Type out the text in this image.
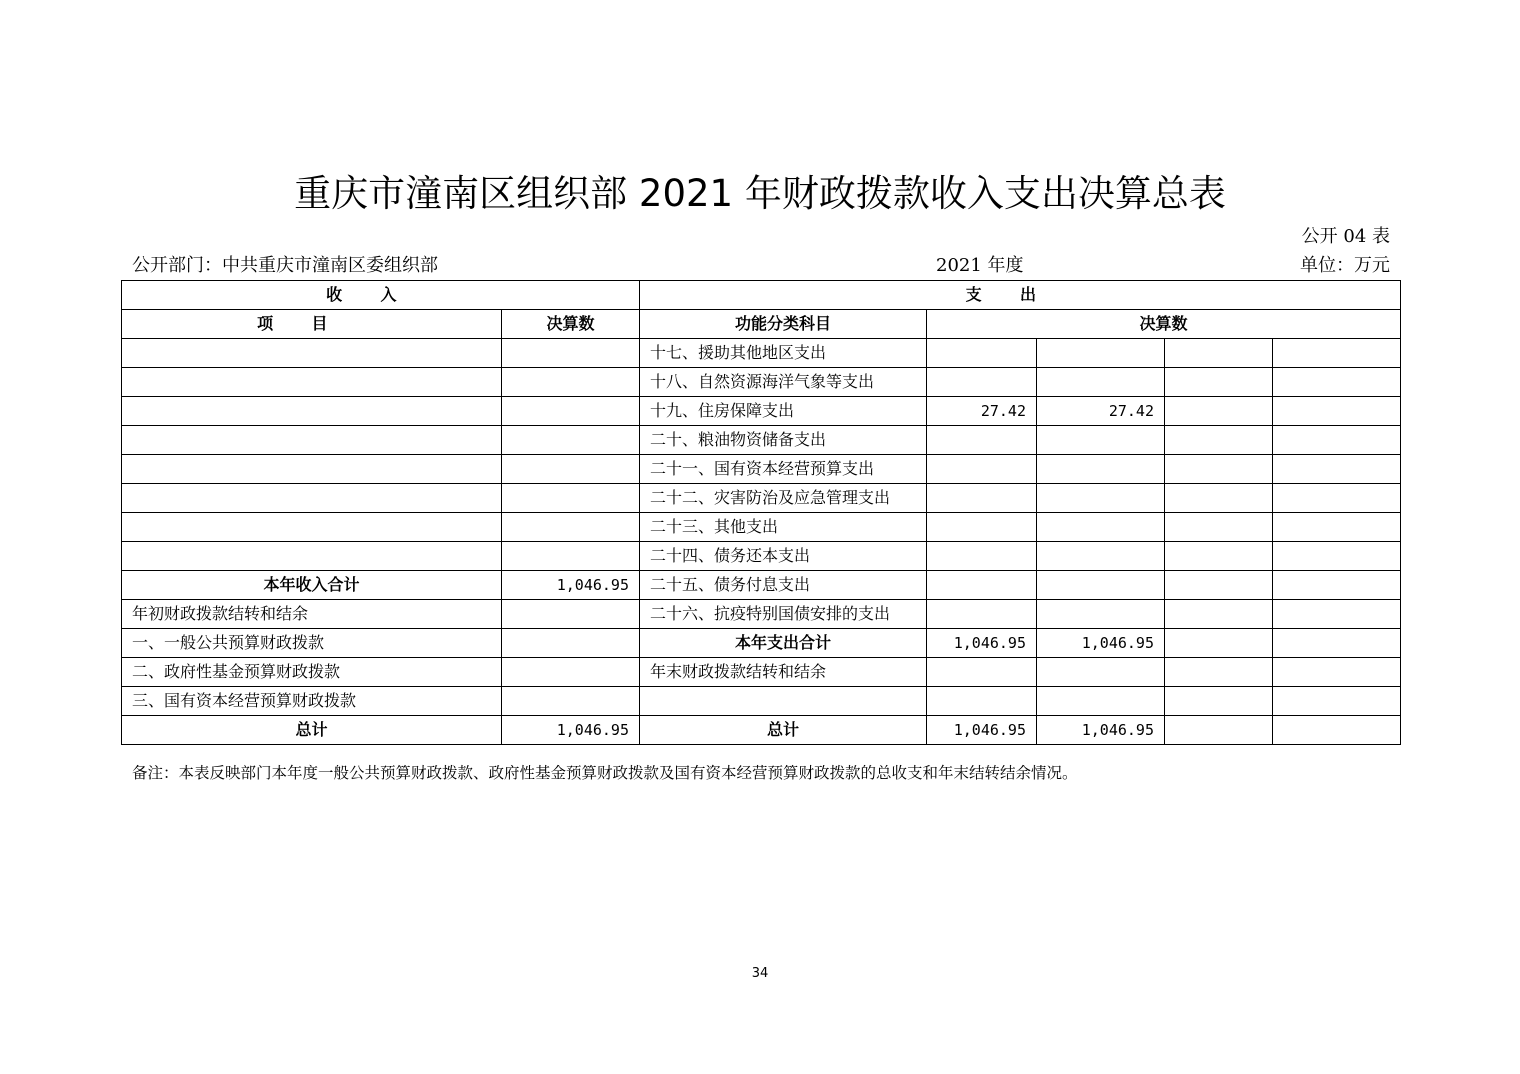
重庆市潼南区组织部 2021 年财政拨款收入支出决算总表
公开 04 表
公开部门：中共重庆市潼南区委组织部	2021 年度	单位：万元
收入		支出				
项目	决算数	功能分类科目	决算数			
		十七、援助其他地区支出				
		十八、自然资源海洋气象等支出				
		十九、住房保障支出	27.42	27.42		
		二十、粮油物资储备支出				
		二十一、国有资本经营预算支出				
		二十二、灾害防治及应急管理支出				
		二十三、其他支出				
		二十四、债务还本支出				
本年收入合计	1,046.95	二十五、债务付息支出				
年初财政拨款结转和结余		二十六、抗疫特别国债安排的支出				
一、一般公共预算财政拨款		本年支出合计	1,046.95	1,046.95		
二、政府性基金预算财政拨款		年末财政拨款结转和结余				
三、国有资本经营预算财政拨款						
总计	1,046.95	总计	1,046.95	1,046.95		
备注：本表反映部门本年度一般公共预算财政拨款、政府性基金预算财政拨款及国有资本经营预算财政拨款的总收支和年末结转结余情况。
34
